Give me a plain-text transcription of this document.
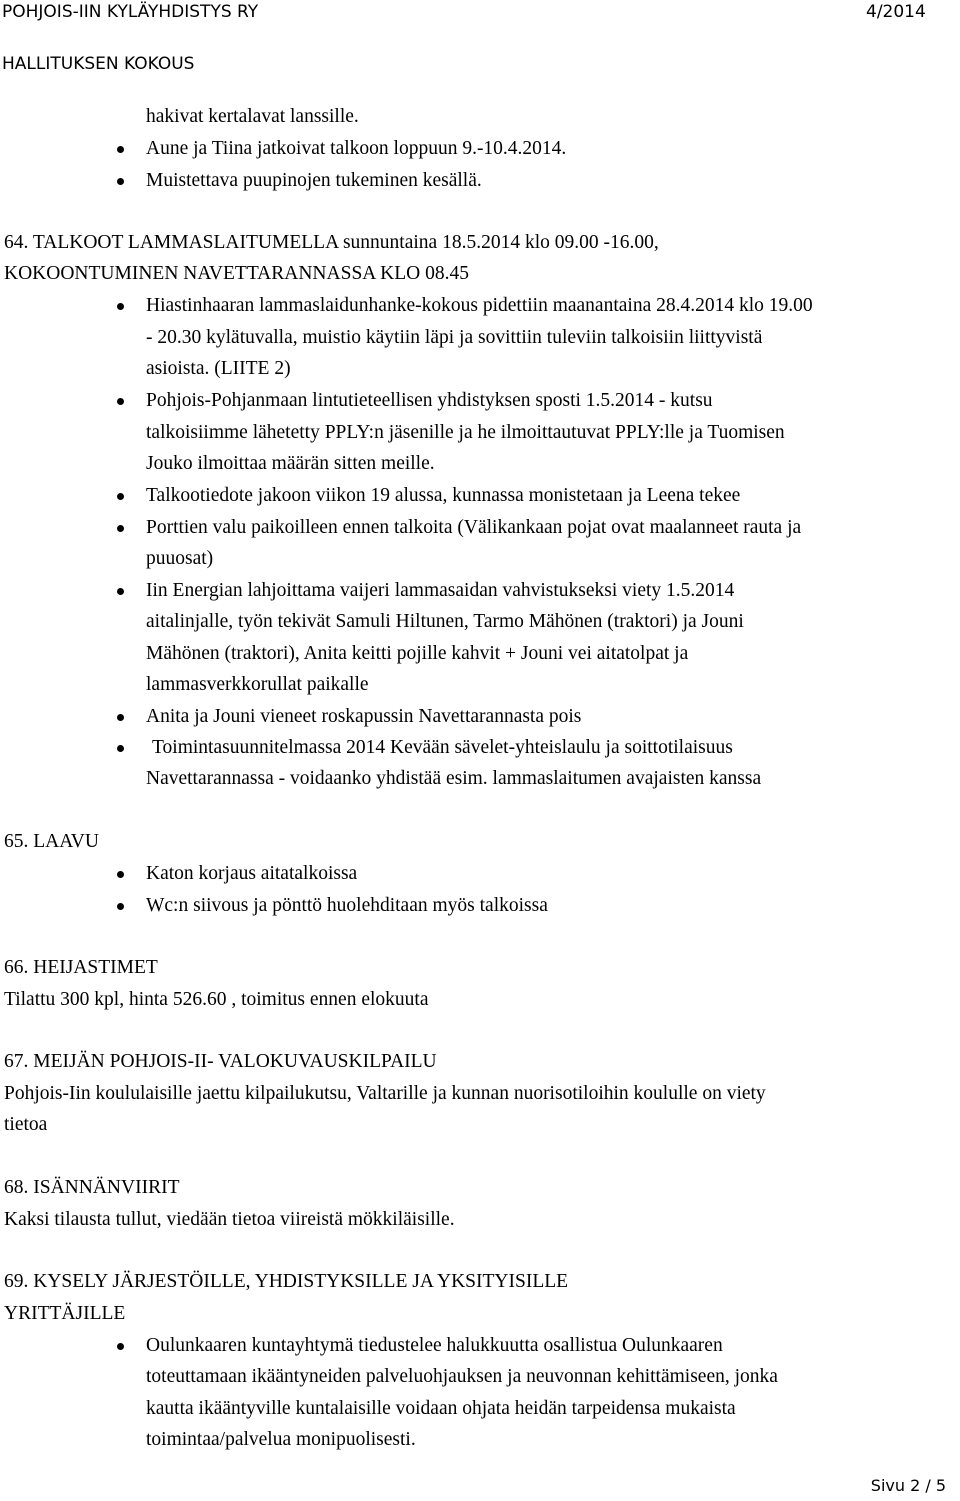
POHJOIS-IIN KYLÄYHDISTYS RY	4/2014
HALLITUKSEN KOKOUS
hakivat kertalavat lanssille.
Aune ja Tiina jatkoivat talkoon loppuun 9.-10.4.2014.
Muistettava puupinojen tukeminen kesällä.
64. TALKOOT LAMMASLAITUMELLA sunnuntaina 18.5.2014 klo 09.00 -16.00,
KOKOONTUMINEN NAVETTARANNASSA KLO 08.45
Hiastinhaaran lammaslaidunhanke-kokous pidettiin maanantaina 28.4.2014 klo 19.00
- 20.30 kylätuvalla, muistio käytiin läpi ja sovittiin tuleviin talkoisiin liittyvistä
asioista. (LIITE 2)
Pohjois-Pohjanmaan lintutieteellisen yhdistyksen sposti 1.5.2014 - kutsu
talkoisiimme lähetetty PPLY:n jäsenille ja he ilmoittautuvat PPLY:lle ja Tuomisen
Jouko ilmoittaa määrän sitten meille.
Talkootiedote jakoon viikon 19 alussa, kunnassa monistetaan ja Leena tekee
Porttien valu paikoilleen ennen talkoita (Välikankaan pojat ovat maalanneet rauta ja
puuosat)
Iin Energian lahjoittama vaijeri lammasaidan vahvistukseksi viety 1.5.2014
aitalinjalle, työn tekivät Samuli Hiltunen, Tarmo Mähönen (traktori) ja Jouni
Mähönen (traktori), Anita keitti pojille kahvit + Jouni vei aitatolpat ja
lammasverkkorullat paikalle
Anita ja Jouni vieneet roskapussin Navettarannasta pois
Toimintasuunnitelmassa 2014 Kevään sävelet-yhteislaulu ja soittotilaisuus
Navettarannassa - voidaanko yhdistää esim. lammaslaitumen avajaisten kanssa
65. LAAVU
Katon korjaus aitatalkoissa
Wc:n siivous ja pönttö huolehditaan myös talkoissa
66. HEIJASTIMET
Tilattu 300 kpl, hinta 526.60 , toimitus ennen elokuuta
67. MEIJÄN POHJOIS-II- VALOKUVAUSKILPAILU
Pohjois-Iin koululaisille jaettu kilpailukutsu, Valtarille ja kunnan nuorisotiloihin koululle on viety
tietoa
68. ISÄNNÄNVIIRIT
Kaksi tilausta tullut, viedään tietoa viireistä mökkiläisille.
69. KYSELY JÄRJESTÖILLE, YHDISTYKSILLE JA YKSITYISILLE
YRITTÄJILLE
Oulunkaaren kuntayhtymä tiedustelee halukkuutta osallistua Oulunkaaren
toteuttamaan ikääntyneiden palveluohjauksen ja neuvonnan kehittämiseen, jonka
kautta ikääntyville kuntalaisille voidaan ohjata heidän tarpeidensa mukaista
toimintaa/palvelua monipuolisesti.
Sivu 2 / 5
